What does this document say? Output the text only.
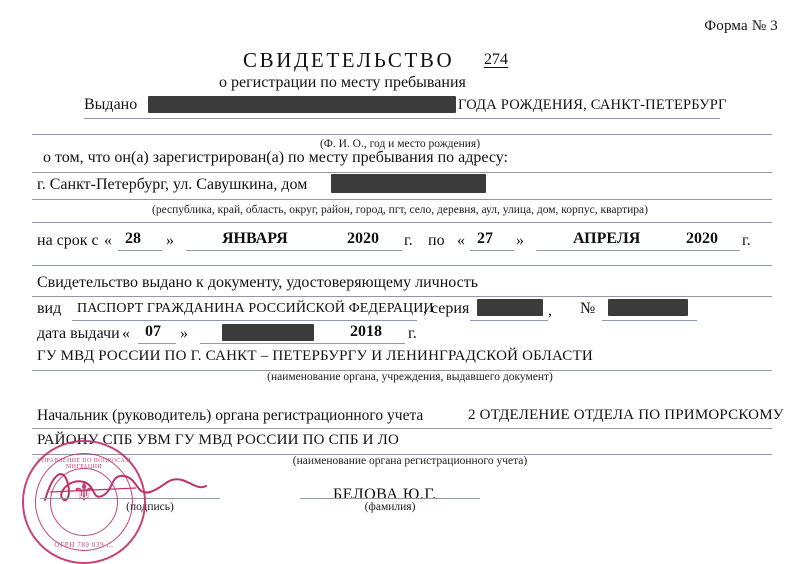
Форма № 3
СВИДЕТЕЛЬСТВО 274
о регистрации по месту пребывания
Выдано	ГОДА РОЖДЕНИЯ, САНКТ-ПЕТЕРБУРГ
(Ф. И. О., год и место рождения)
о том, что он(а) зарегистрирован(а) по месту пребывания по адресу:
г. Санкт-Петербург, ул. Савушкина, дом
(республика, край, область, округ, район, город, пгт, село, деревня, аул, улица, дом, корпус, квартира)
на срок с « 28 »	ЯНВАРЯ	2020 г. по « 27 »	АПРЕЛЯ	2020 г.
Свидетельство выдано к документу, удостоверяющему личность
вид ПАСПОРТ ГРАЖДАНИНА РОССИЙСКОЙ ФЕДЕРАЦИИ
, серия	, №
дата выдачи « 07 »	2018 г.
ГУ МВД РОССИИ ПО Г. САНКТ – ПЕТЕРБУРГУ И ЛЕНИНГРАДСКОЙ ОБЛАСТИ
(наименование органа, учреждения, выдавшего документ)
Начальник (руководитель) органа регистрационного учета	2 ОТДЕЛЕНИЕ ОТДЕЛА ПО ПРИМОРСКОМУ
РАЙОНУ СПБ УВМ ГУ МВД РОССИИ ПО СПБ И ЛО
(наименование органа регистрационного учета)
(подпись)
БЕЛОВА Ю.Г.
(фамилия)
УПРАВЛЕНИЕ ПО ВОПРОСАМ МИГРАЦИИ
⚜
ОГРН 789 039 ...
